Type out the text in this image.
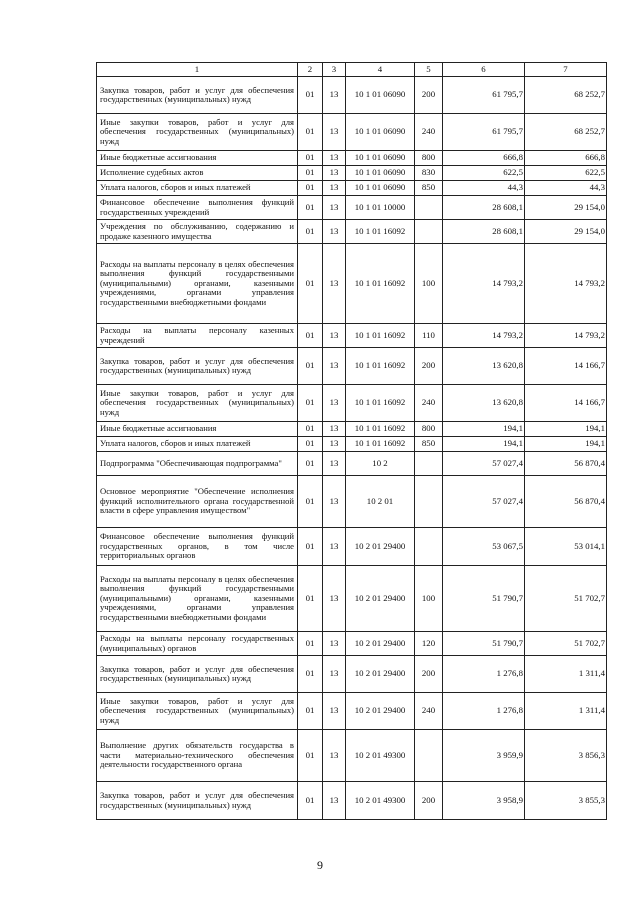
1	2	3	4	5	6	7
Закупка товаров, работ и услуг для обеспечения государственных (муниципальных) нужд	01	13	10 1 01 06090	200	61 795,7	68 252,7
Иные закупки товаров, работ и услуг для обеспечения государственных (муниципальных) нужд	01	13	10 1 01 06090	240	61 795,7	68 252,7
Иные бюджетные ассигнования	01	13	10 1 01 06090	800	666,8	666,8
Исполнение судебных актов	01	13	10 1 01 06090	830	622,5	622,5
Уплата налогов, сборов и иных платежей	01	13	10 1 01 06090	850	44,3	44,3
Финансовое обеспечение выполнения функций государственных учреждений	01	13	10 1 01 10000		28 608,1	29 154,0
Учреждения по обслуживанию, содержанию и продаже казенного имущества	01	13	10 1 01 16092		28 608,1	29 154,0
Расходы на выплаты персоналу в целях обеспечения выполнения функций государственными (муниципальными) органами, казенными учреждениями, органами управления государственными внебюджетными фондами	01	13	10 1 01 16092	100	14 793,2	14 793,2
Расходы на выплаты персоналу казенных учреждений	01	13	10 1 01 16092	110	14 793,2	14 793,2
Закупка товаров, работ и услуг для обеспечения государственных (муниципальных) нужд	01	13	10 1 01 16092	200	13 620,8	14 166,7
Иные закупки товаров, работ и услуг для обеспечения государственных (муниципальных) нужд	01	13	10 1 01 16092	240	13 620,8	14 166,7
Иные бюджетные ассигнования	01	13	10 1 01 16092	800	194,1	194,1
Уплата налогов, сборов и иных платежей	01	13	10 1 01 16092	850	194,1	194,1
Подпрограмма "Обеспечивающая подпрограмма"	01	13	10 2		57 027,4	56 870,4
Основное мероприятие "Обеспечение исполнения функций исполнительного органа государственной власти в сфере управления имуществом"	01	13	10 2 01		57 027,4	56 870,4
Финансовое обеспечение выполнения функций государственных органов, в том числе территориальных органов	01	13	10 2 01 29400		53 067,5	53 014,1
Расходы на выплаты персоналу в целях обеспечения выполнения функций государственными (муниципальными) органами, казенными учреждениями, органами управления государственными внебюджетными фондами	01	13	10 2 01 29400	100	51 790,7	51 702,7
Расходы на выплаты персоналу государственных (муниципальных) органов	01	13	10 2 01 29400	120	51 790,7	51 702,7
Закупка товаров, работ и услуг для обеспечения государственных (муниципальных) нужд	01	13	10 2 01 29400	200	1 276,8	1 311,4
Иные закупки товаров, работ и услуг для обеспечения государственных (муниципальных) нужд	01	13	10 2 01 29400	240	1 276,8	1 311,4
Выполнение других обязательств государства в части материально-технического обеспечения деятельности государственного органа	01	13	10 2 01 49300		3 959,9	3 856,3
Закупка товаров, работ и услуг для обеспечения государственных (муниципальных) нужд	01	13	10 2 01 49300	200	3 958,9	3 855,3
9
